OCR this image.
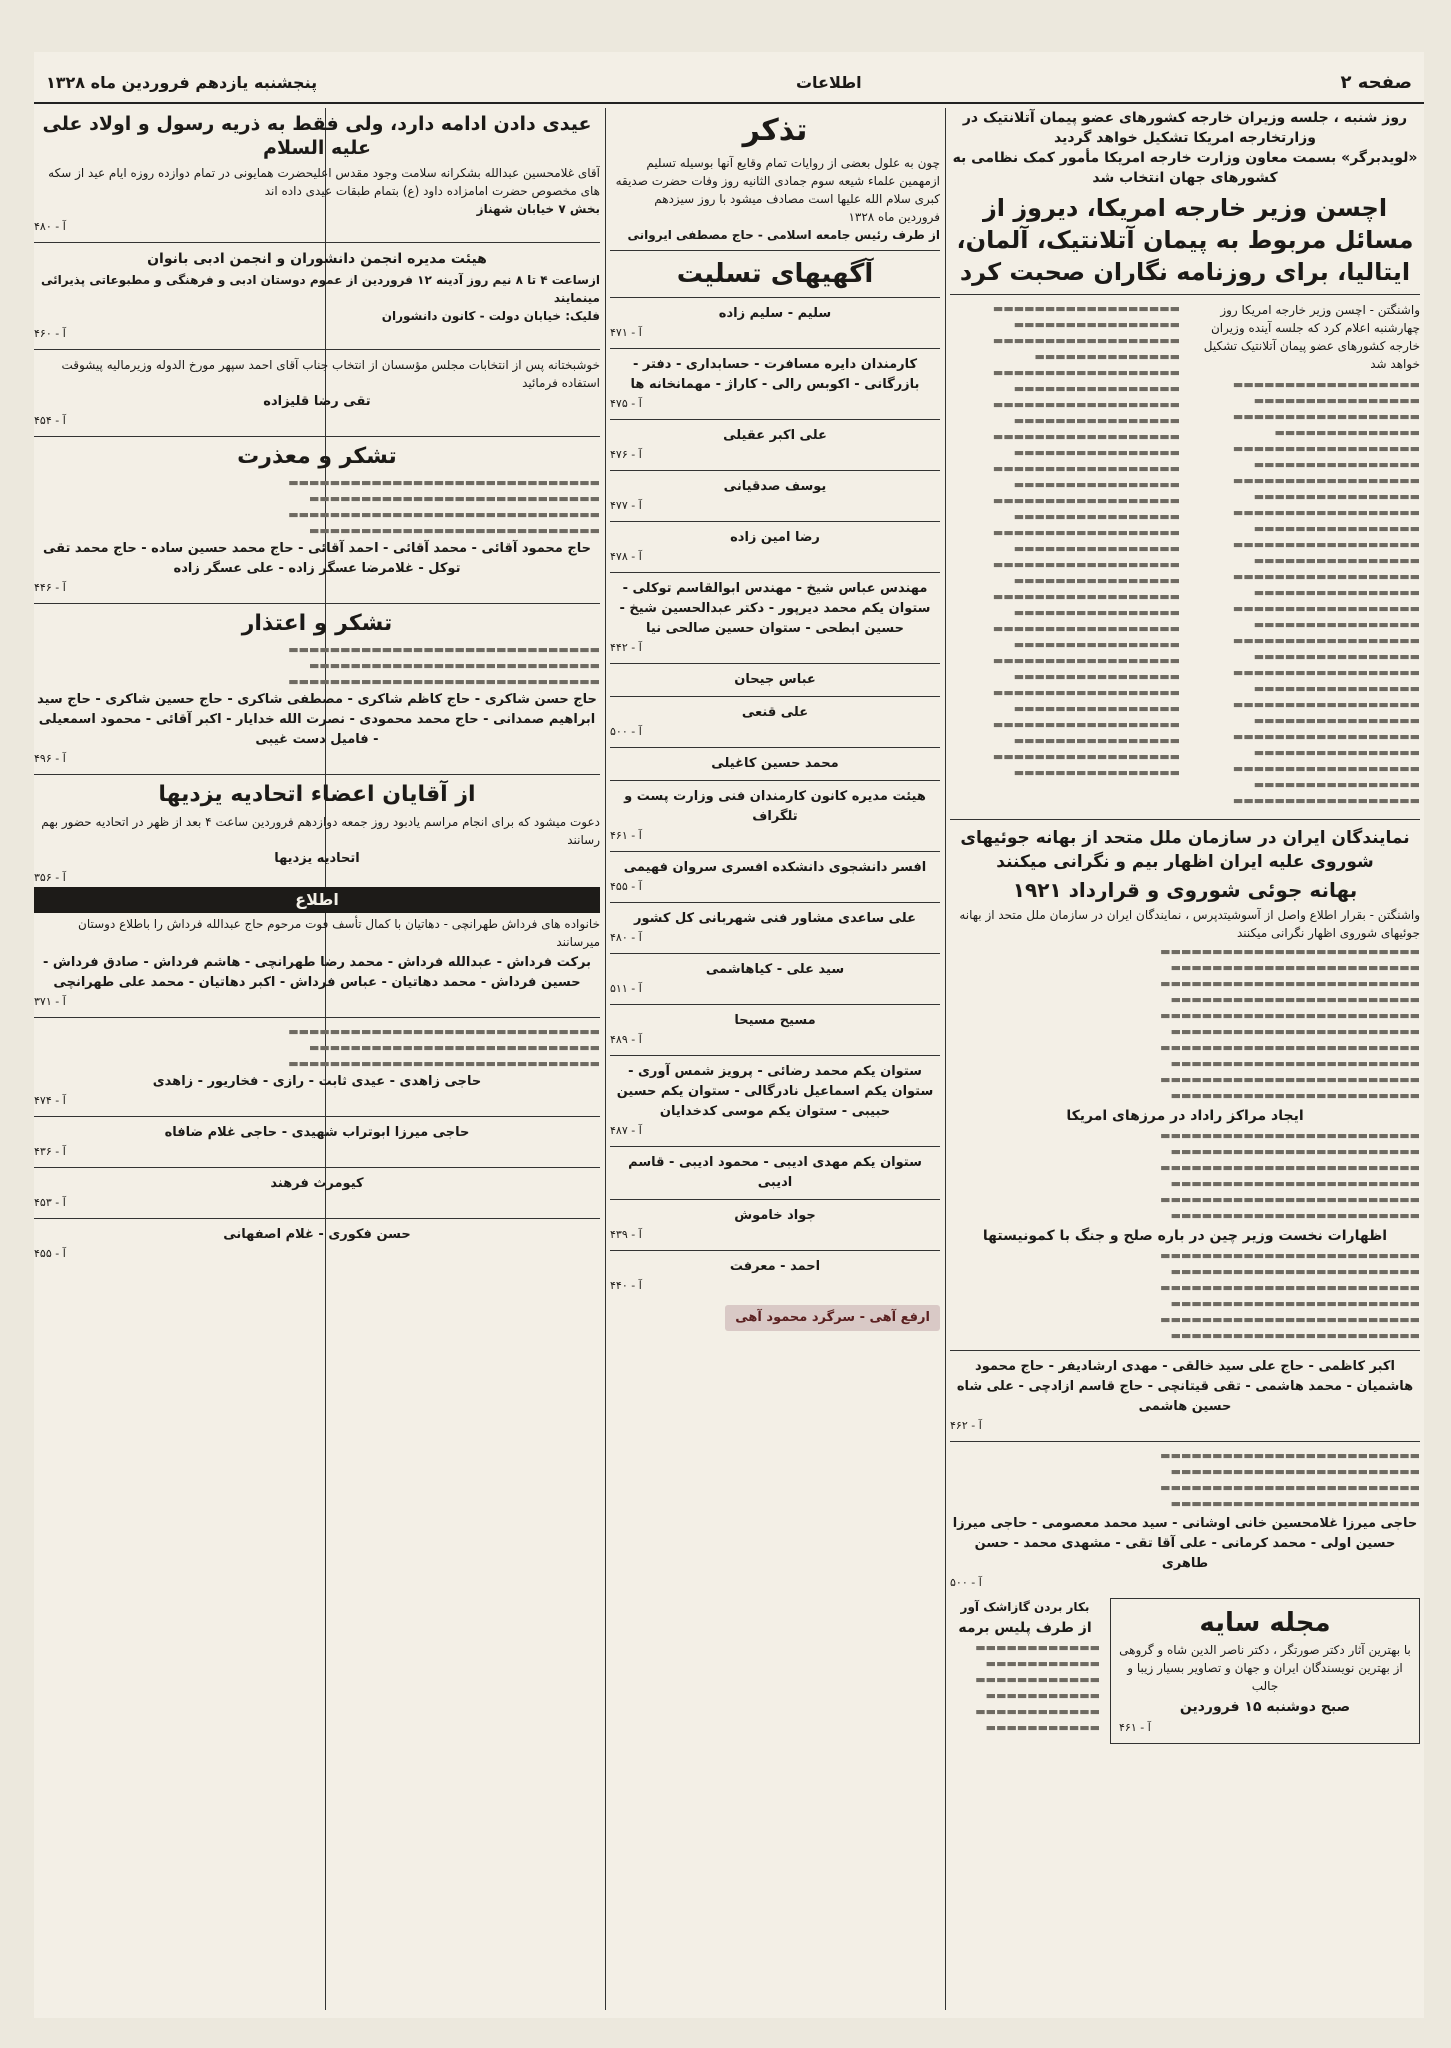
صفحه ۲
اطلاعات
پنجشنبه یازدهم فروردین ماه ۱۳۲۸
روز شنبه ، جلسه وزیران خارجه کشورهای عضو پیمان آتلانتیک در وزارتخارجه امریکا تشکیل خواهد گردید
«لویدبرگر» بسمت معاون وزارت خارجه امریکا مأمور کمک نظامی به کشورهای جهان انتخاب شد
اچسن وزیر خارجه امریکا، دیروز از مسائل مربوط به پیمان آتلانتیک، آلمان، ایتالیا، برای روزنامه نگاران صحبت کرد

واشنگتن - اچسن وزیر خارجه امریکا روز چهارشنبه اعلام کرد که جلسه آینده وزیران خارجه کشورهای عضو پیمان آتلانتیک تشکیل خواهد شد

▬▬▬▬▬▬▬▬▬▬▬▬▬▬▬▬▬▬ ▬▬▬▬▬▬▬▬▬▬▬▬▬▬▬▬ ▬▬▬▬▬▬▬▬▬▬▬▬▬▬▬▬▬▬ ▬▬▬▬▬▬▬▬▬▬▬▬▬▬ ▬▬▬▬▬▬▬▬▬▬▬▬▬▬▬▬▬▬ ▬▬▬▬▬▬▬▬▬▬▬▬▬▬▬▬ ▬▬▬▬▬▬▬▬▬▬▬▬▬▬▬▬▬▬ ▬▬▬▬▬▬▬▬▬▬▬▬▬▬▬▬ ▬▬▬▬▬▬▬▬▬▬▬▬▬▬▬▬▬▬ ▬▬▬▬▬▬▬▬▬▬▬▬▬▬▬▬ ▬▬▬▬▬▬▬▬▬▬▬▬▬▬▬▬▬▬ ▬▬▬▬▬▬▬▬▬▬▬▬▬▬▬▬ ▬▬▬▬▬▬▬▬▬▬▬▬▬▬▬▬▬▬ ▬▬▬▬▬▬▬▬▬▬▬▬▬▬▬▬ ▬▬▬▬▬▬▬▬▬▬▬▬▬▬▬▬▬▬ ▬▬▬▬▬▬▬▬▬▬▬▬▬▬▬▬ ▬▬▬▬▬▬▬▬▬▬▬▬▬▬▬▬▬▬ ▬▬▬▬▬▬▬▬▬▬▬▬▬▬▬▬ ▬▬▬▬▬▬▬▬▬▬▬▬▬▬▬▬▬▬ ▬▬▬▬▬▬▬▬▬▬▬▬▬▬▬▬ ▬▬▬▬▬▬▬▬▬▬▬▬▬▬▬▬▬▬ ▬▬▬▬▬▬▬▬▬▬▬▬▬▬▬▬ ▬▬▬▬▬▬▬▬▬▬▬▬▬▬▬▬▬▬ ▬▬▬▬▬▬▬▬▬▬▬▬▬▬▬▬ ▬▬▬▬▬▬▬▬▬▬▬▬▬▬▬▬▬▬ ▬▬▬▬▬▬▬▬▬▬▬▬▬▬▬▬ ▬▬▬▬▬▬▬▬▬▬▬▬▬▬▬▬▬▬

▬▬▬▬▬▬▬▬▬▬▬▬▬▬▬▬▬▬ ▬▬▬▬▬▬▬▬▬▬▬▬▬▬▬▬ ▬▬▬▬▬▬▬▬▬▬▬▬▬▬▬▬▬▬ ▬▬▬▬▬▬▬▬▬▬▬▬▬▬ ▬▬▬▬▬▬▬▬▬▬▬▬▬▬▬▬▬▬ ▬▬▬▬▬▬▬▬▬▬▬▬▬▬▬▬ ▬▬▬▬▬▬▬▬▬▬▬▬▬▬▬▬▬▬ ▬▬▬▬▬▬▬▬▬▬▬▬▬▬▬▬ ▬▬▬▬▬▬▬▬▬▬▬▬▬▬▬▬▬▬ ▬▬▬▬▬▬▬▬▬▬▬▬▬▬▬▬ ▬▬▬▬▬▬▬▬▬▬▬▬▬▬▬▬▬▬ ▬▬▬▬▬▬▬▬▬▬▬▬▬▬▬▬ ▬▬▬▬▬▬▬▬▬▬▬▬▬▬▬▬▬▬ ▬▬▬▬▬▬▬▬▬▬▬▬▬▬▬▬ ▬▬▬▬▬▬▬▬▬▬▬▬▬▬▬▬▬▬ ▬▬▬▬▬▬▬▬▬▬▬▬▬▬▬▬ ▬▬▬▬▬▬▬▬▬▬▬▬▬▬▬▬▬▬ ▬▬▬▬▬▬▬▬▬▬▬▬▬▬▬▬ ▬▬▬▬▬▬▬▬▬▬▬▬▬▬▬▬▬▬ ▬▬▬▬▬▬▬▬▬▬▬▬▬▬▬▬ ▬▬▬▬▬▬▬▬▬▬▬▬▬▬▬▬▬▬ ▬▬▬▬▬▬▬▬▬▬▬▬▬▬▬▬ ▬▬▬▬▬▬▬▬▬▬▬▬▬▬▬▬▬▬ ▬▬▬▬▬▬▬▬▬▬▬▬▬▬▬▬ ▬▬▬▬▬▬▬▬▬▬▬▬▬▬▬▬▬▬ ▬▬▬▬▬▬▬▬▬▬▬▬▬▬▬▬ ▬▬▬▬▬▬▬▬▬▬▬▬▬▬▬▬▬▬ ▬▬▬▬▬▬▬▬▬▬▬▬▬▬▬▬ ▬▬▬▬▬▬▬▬▬▬▬▬▬▬▬▬▬▬ ▬▬▬▬▬▬▬▬▬▬▬▬▬▬▬▬

نمایندگان ایران در سازمان ملل متحد از بهانه جوئیهای شوروی علیه ایران اظهار بیم و نگرانی میکنند
بهانه جوئی شوروی و قرارداد ۱۹۲۱

واشنگتن - بقرار اطلاع واصل از آسوشیتدپرس ، نمایندگان ایران در سازمان ملل متحد از بهانه جوئیهای شوروی اظهار نگرانی میکنند

▬▬▬▬▬▬▬▬▬▬▬▬▬▬▬▬▬▬▬▬▬▬▬▬▬ ▬▬▬▬▬▬▬▬▬▬▬▬▬▬▬▬▬▬▬▬▬▬▬▬ ▬▬▬▬▬▬▬▬▬▬▬▬▬▬▬▬▬▬▬▬▬▬▬▬▬ ▬▬▬▬▬▬▬▬▬▬▬▬▬▬▬▬▬▬▬▬▬▬▬▬ ▬▬▬▬▬▬▬▬▬▬▬▬▬▬▬▬▬▬▬▬▬▬▬▬▬ ▬▬▬▬▬▬▬▬▬▬▬▬▬▬▬▬▬▬▬▬▬▬▬▬ ▬▬▬▬▬▬▬▬▬▬▬▬▬▬▬▬▬▬▬▬▬▬▬▬▬ ▬▬▬▬▬▬▬▬▬▬▬▬▬▬▬▬▬▬▬▬▬▬▬▬ ▬▬▬▬▬▬▬▬▬▬▬▬▬▬▬▬▬▬▬▬▬▬▬▬▬ ▬▬▬▬▬▬▬▬▬▬▬▬▬▬▬▬▬▬▬▬▬▬▬▬

ایجاد مراکز راداد در مرزهای امریکا

▬▬▬▬▬▬▬▬▬▬▬▬▬▬▬▬▬▬▬▬▬▬▬▬▬ ▬▬▬▬▬▬▬▬▬▬▬▬▬▬▬▬▬▬▬▬▬▬▬▬ ▬▬▬▬▬▬▬▬▬▬▬▬▬▬▬▬▬▬▬▬▬▬▬▬▬ ▬▬▬▬▬▬▬▬▬▬▬▬▬▬▬▬▬▬▬▬▬▬▬▬ ▬▬▬▬▬▬▬▬▬▬▬▬▬▬▬▬▬▬▬▬▬▬▬▬▬ ▬▬▬▬▬▬▬▬▬▬▬▬▬▬▬▬▬▬▬▬▬▬▬▬

اظهارات نخست وزیر چین در باره صلح و جنگ با کمونیستها

▬▬▬▬▬▬▬▬▬▬▬▬▬▬▬▬▬▬▬▬▬▬▬▬▬ ▬▬▬▬▬▬▬▬▬▬▬▬▬▬▬▬▬▬▬▬▬▬▬▬ ▬▬▬▬▬▬▬▬▬▬▬▬▬▬▬▬▬▬▬▬▬▬▬▬▬ ▬▬▬▬▬▬▬▬▬▬▬▬▬▬▬▬▬▬▬▬▬▬▬▬ ▬▬▬▬▬▬▬▬▬▬▬▬▬▬▬▬▬▬▬▬▬▬▬▬▬ ▬▬▬▬▬▬▬▬▬▬▬▬▬▬▬▬▬▬▬▬▬▬▬▬

اکبر کاظمی - حاج علی سید خالقی - مهدی ارشادیفر - حاج محمود هاشمیان - محمد هاشمی - تقی قیتانچی - حاج قاسم ازادچی - علی شاه حسین هاشمی
آ - ۴۶۲

▬▬▬▬▬▬▬▬▬▬▬▬▬▬▬▬▬▬▬▬▬▬▬▬▬ ▬▬▬▬▬▬▬▬▬▬▬▬▬▬▬▬▬▬▬▬▬▬▬▬ ▬▬▬▬▬▬▬▬▬▬▬▬▬▬▬▬▬▬▬▬▬▬▬▬▬ ▬▬▬▬▬▬▬▬▬▬▬▬▬▬▬▬▬▬▬▬▬▬▬▬

حاجی میرزا غلامحسین خانی اوشانی - سید محمد معصومی - حاجی میرزا حسین اولی - محمد کرمانی - علی آقا تقی - مشهدی محمد - حسن طاهری
آ - ۵۰۰
مجله سایه
با بهترین آثار دکتر صورتگر ، دکتر ناصر الدین شاه و گروهی از بهترین نویسندگان ایران و جهان و تصاویر بسیار زیبا و جالب
صبح دوشنبه ۱۵ فروردین
آ - ۴۶۱
بکار بردن گازاشک آور
از طرف پلیس برمه

▬▬▬▬▬▬▬▬▬▬▬▬ ▬▬▬▬▬▬▬▬▬▬▬ ▬▬▬▬▬▬▬▬▬▬▬▬ ▬▬▬▬▬▬▬▬▬▬▬ ▬▬▬▬▬▬▬▬▬▬▬▬ ▬▬▬▬▬▬▬▬▬▬▬

تذکر

چون به علول بعضی از روایات تمام وقایع آنها بوسیله تسلیم ازمهمین علماء شیعه سوم جمادی الثانیه روز وفات حضرت صدیقه کبری سلام الله علیها است مصادف میشود با روز سیزدهم فروردین ماه ۱۳۲۸

از طرف رئیس جامعه اسلامی - حاج مصطفی ایروانی
آگهیهای تسلیت
سلیم - سلیم زاده
آ - ۴۷۱
کارمندان دایره مسافرت - حسابداری - دفتر - بازرگانی - اکوبس رالی - کاراژ - مهمانخانه ها
آ - ۴۷۵
علی اکبر عقیلی
آ - ۴۷۶
یوسف صدقیانی
آ - ۴۷۷
رضا امین زاده
آ - ۴۷۸
مهندس عباس شیخ - مهندس ابوالقاسم توکلی - ستوان یکم محمد دیرپور - دکتر عبدالحسین شیخ - حسین ابطحی - ستوان حسین صالحی نیا
آ - ۴۴۲
عباس جیحان
علی قنعی
آ - ۵۰۰
محمد حسین کاغیلی
هیئت مدیره کانون کارمندان فنی وزارت پست و تلگراف
آ - ۴۶۱
افسر دانشجوی دانشکده افسری سروان فهیمی
آ - ۴۵۵
علی ساعدی مشاور فنی شهربانی کل کشور
آ - ۴۸۰
سید علی - کیاهاشمی
آ - ۵۱۱
مسیح مسیحا
آ - ۴۸۹
ستوان یکم محمد رضائی - پرویز شمس آوری - ستوان یکم اسماعیل نادرگالی - ستوان یکم حسین حبیبی - ستوان یکم موسی کدخدایان
آ - ۴۸۷
ستوان یکم مهدی ادیبی - محمود ادیبی - قاسم ادیبی
جواد خاموش
آ - ۴۳۹
احمد - معرفت
آ - ۴۴۰
ارفع آهی - سرگرد محمود آهی
عیدی دادن ادامه دارد، ولی فقط به ذریه رسول و اولاد علی علیه السلام

آقای غلامحسین عبدالله بشکرانه سلامت وجود مقدس اعلیحضرت همایونی در تمام دوازده روزه ایام عید از سکه های مخصوص حضرت امامزاده داود (ع) بتمام طبقات عیدی داده اند

بخش ۷ خیابان شهناز
آ - ۴۸۰
هیئت مدیره انجمن دانشوران و انجمن ادبی بانوان
ازساعت ۴ تا ۸ نیم روز آدینه ۱۲ فروردین از عموم دوستان ادبی و فرهنگی و مطبوعاتی پذیرائی مینمایند
فلیک: خیابان دولت - کانون دانشوران
آ - ۴۶۰

خوشبختانه پس از انتخابات مجلس مؤسسان از انتخاب جناب آقای احمد سپهر مورخ الدوله وزیرمالیه پیشوقت استفاده فرمائید

تقی رضا قلیزاده
آ - ۴۵۴
تشکر و معذرت

▬▬▬▬▬▬▬▬▬▬▬▬▬▬▬▬▬▬▬▬▬▬▬▬▬▬▬▬▬▬ ▬▬▬▬▬▬▬▬▬▬▬▬▬▬▬▬▬▬▬▬▬▬▬▬▬▬▬▬ ▬▬▬▬▬▬▬▬▬▬▬▬▬▬▬▬▬▬▬▬▬▬▬▬▬▬▬▬▬▬ ▬▬▬▬▬▬▬▬▬▬▬▬▬▬▬▬▬▬▬▬▬▬▬▬▬▬▬▬

حاج محمود آقائی - محمد آقائی - احمد آقائی - حاج محمد حسین ساده - حاج محمد تقی توکل - غلامرضا عسگر زاده - علی عسگر زاده
آ - ۴۴۶
تشکر و اعتذار

▬▬▬▬▬▬▬▬▬▬▬▬▬▬▬▬▬▬▬▬▬▬▬▬▬▬▬▬▬▬ ▬▬▬▬▬▬▬▬▬▬▬▬▬▬▬▬▬▬▬▬▬▬▬▬▬▬▬▬ ▬▬▬▬▬▬▬▬▬▬▬▬▬▬▬▬▬▬▬▬▬▬▬▬▬▬▬▬▬▬

حاج حسن شاکری - حاج کاظم شاکری - مصطفی شاکری - حاج حسین شاکری - حاج سید ابراهیم صمدانی - حاج محمد محمودی - نصرت الله خدایار - اکبر آقائی - محمود اسمعیلی - فامیل دست غیبی
آ - ۴۹۶
از آقایان اعضاء اتحادیه یزدیها

دعوت میشود که برای انجام مراسم یادبود روز جمعه دوازدهم فروردین ساعت ۴ بعد از ظهر در اتحادیه حضور بهم رسانند

اتحادیه یزدیها
آ - ۳۵۶
اطلاع

خانواده های فرداش طهرانچی - دهاتیان با کمال تأسف فوت مرحوم حاج عبدالله فرداش را باطلاع دوستان میرسانند

برکت فرداش - عبدالله فرداش - محمد رضا طهرانچی - هاشم فرداش - صادق فرداش - حسین فرداش - محمد دهاتیان - عباس فرداش - اکبر دهاتیان - محمد علی طهرانچی
آ - ۳۷۱

▬▬▬▬▬▬▬▬▬▬▬▬▬▬▬▬▬▬▬▬▬▬▬▬▬▬▬▬▬▬ ▬▬▬▬▬▬▬▬▬▬▬▬▬▬▬▬▬▬▬▬▬▬▬▬▬▬▬▬ ▬▬▬▬▬▬▬▬▬▬▬▬▬▬▬▬▬▬▬▬▬▬▬▬▬▬▬▬▬▬

حاجی زاهدی - عیدی ثابت - رازی - فخاریور - زاهدی
آ - ۴۷۴
حاجی میرزا ابوتراب شهیدی - حاجی غلام ضافاه
آ - ۴۳۶
کیومرث فرهند
آ - ۴۵۳
حسن فکوری - غلام اصفهانی
آ - ۴۵۵
